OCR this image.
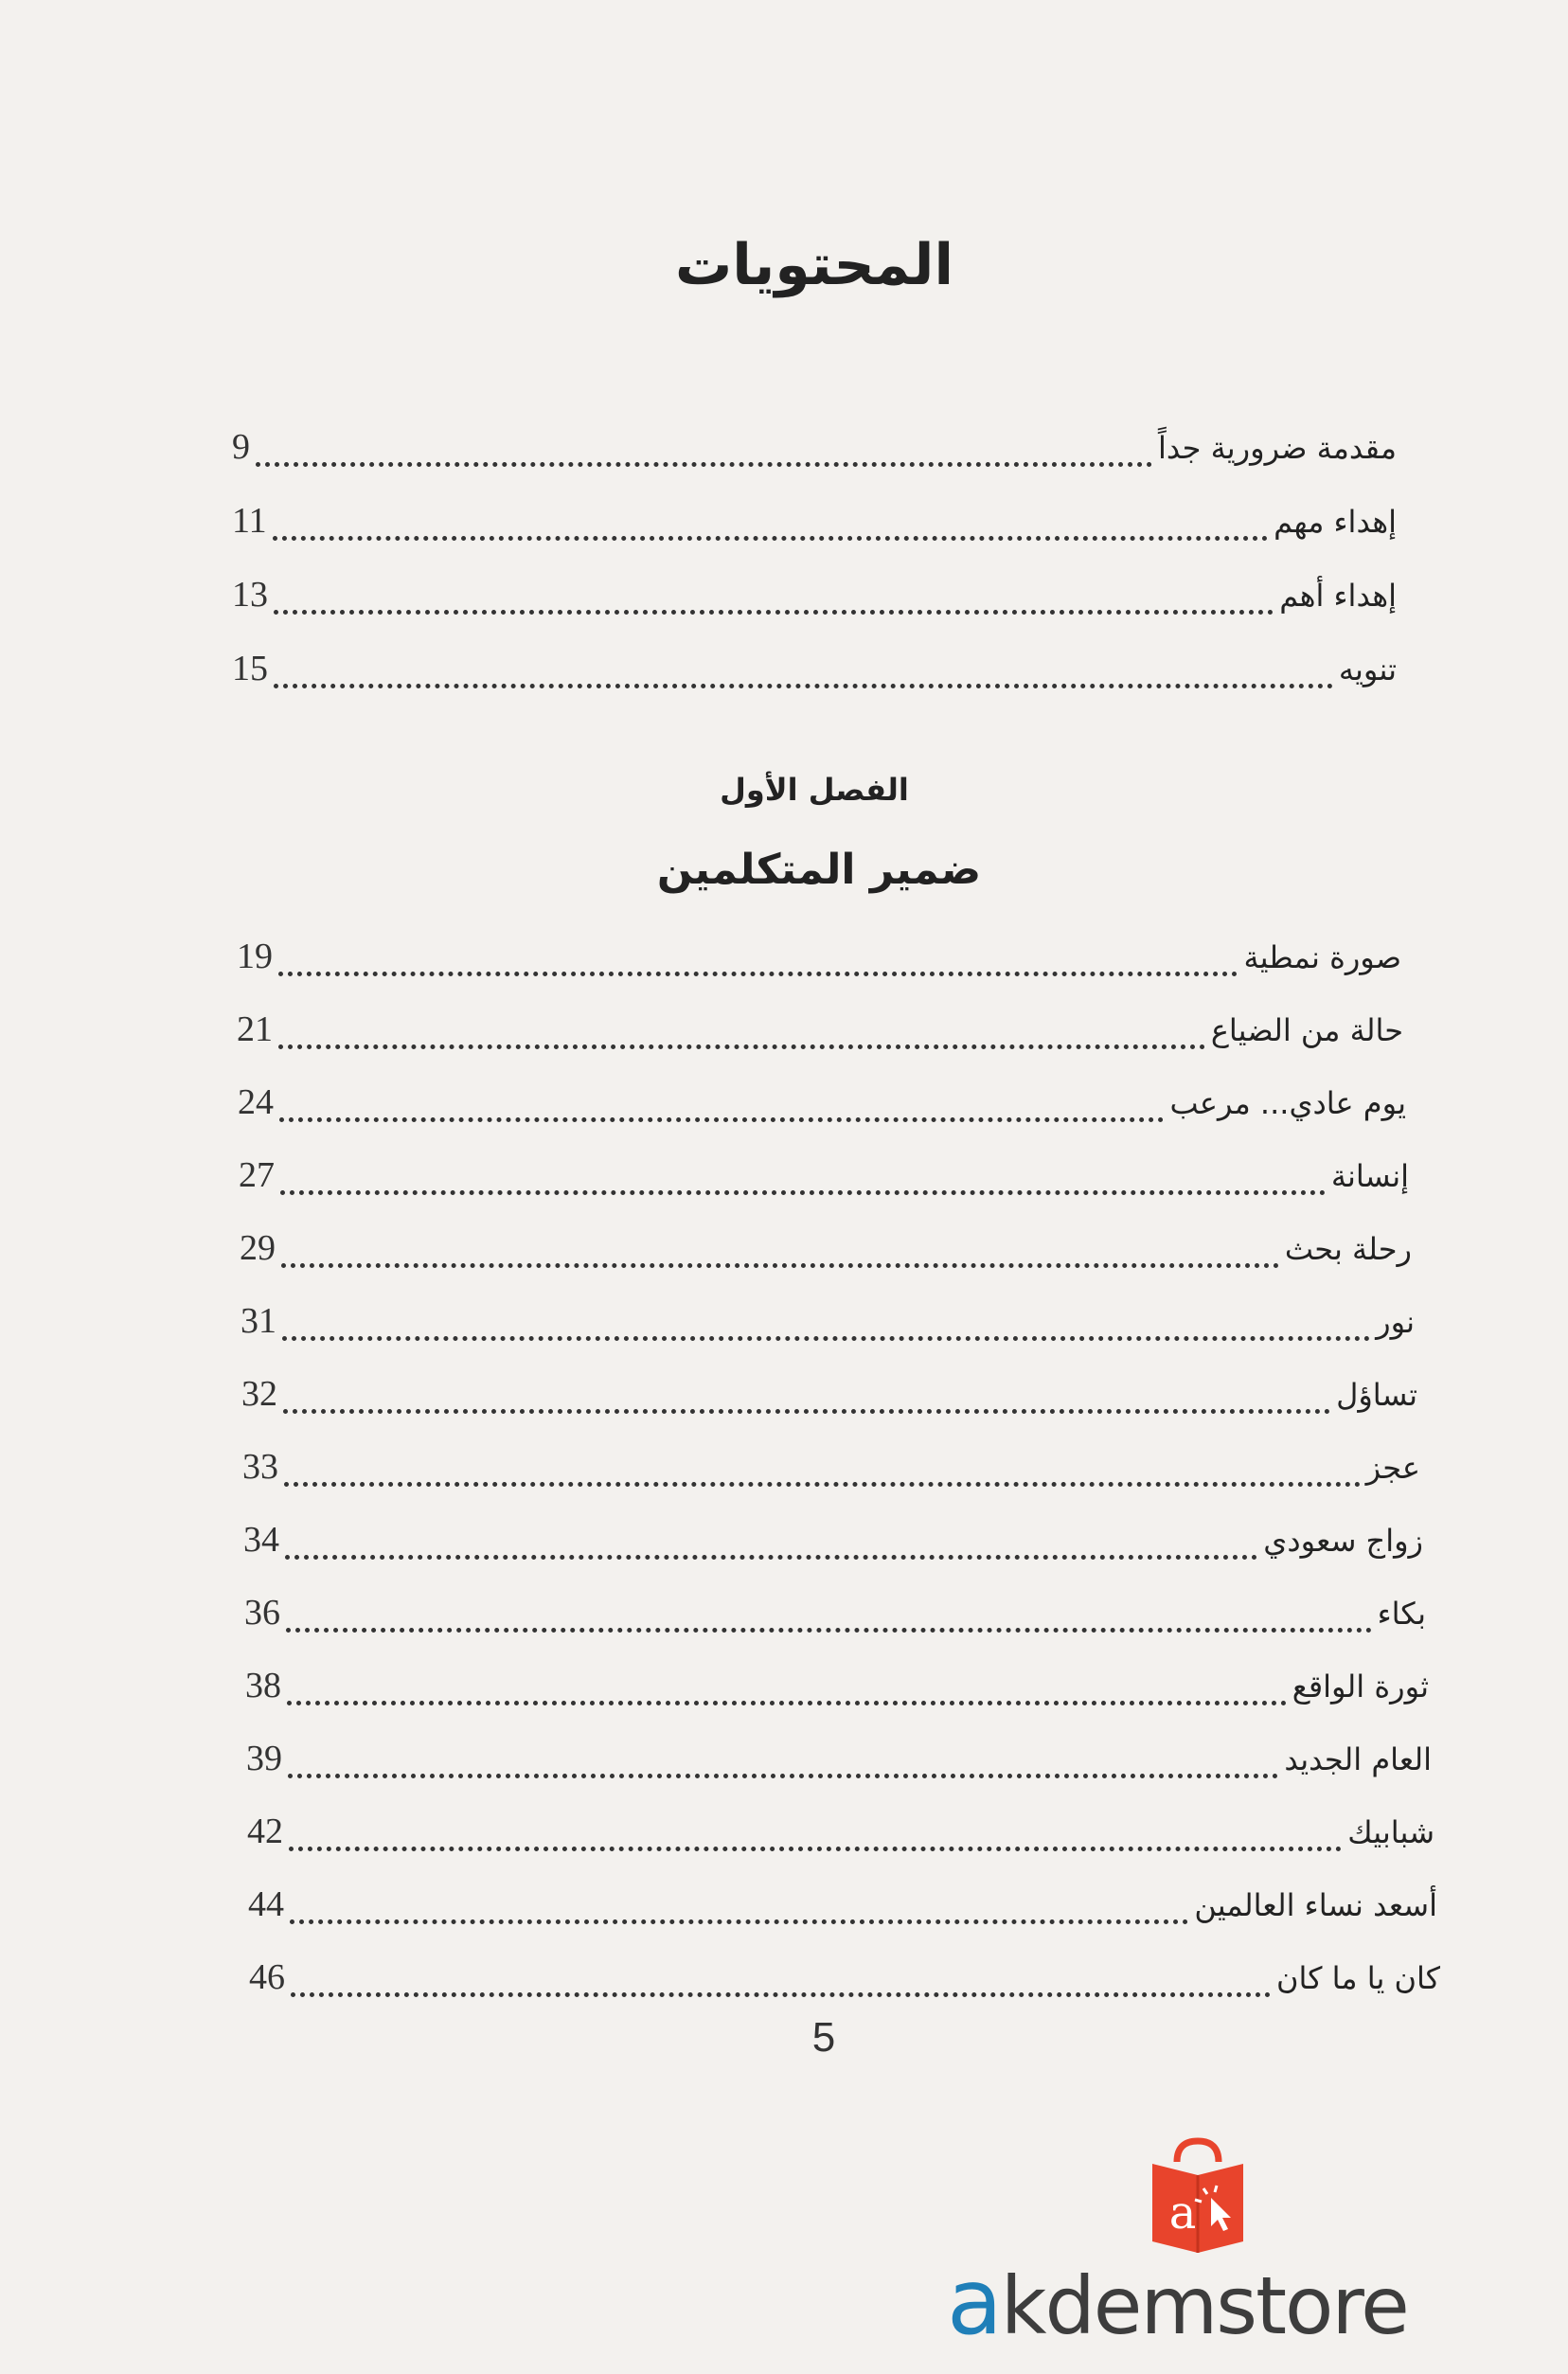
المحتويات
مقدمة ضرورية جداً
9
إهداء مهم
11
إهداء أهم
13
تنويه
15
الفصل الأول
ضمير المتكلمين
صورة نمطية
19
حالة من الضياع
21
يوم عادي... مرعب
24
إنسانة
27
رحلة بحث
29
نور
31
تساؤل
32
عجز
33
زواج سعودي
34
بكاء
36
ثورة الواقع
38
العام الجديد
39
شبابيك
42
أسعد نساء العالمين
44
كان يا ما كان
46
5
a
akdemstore
